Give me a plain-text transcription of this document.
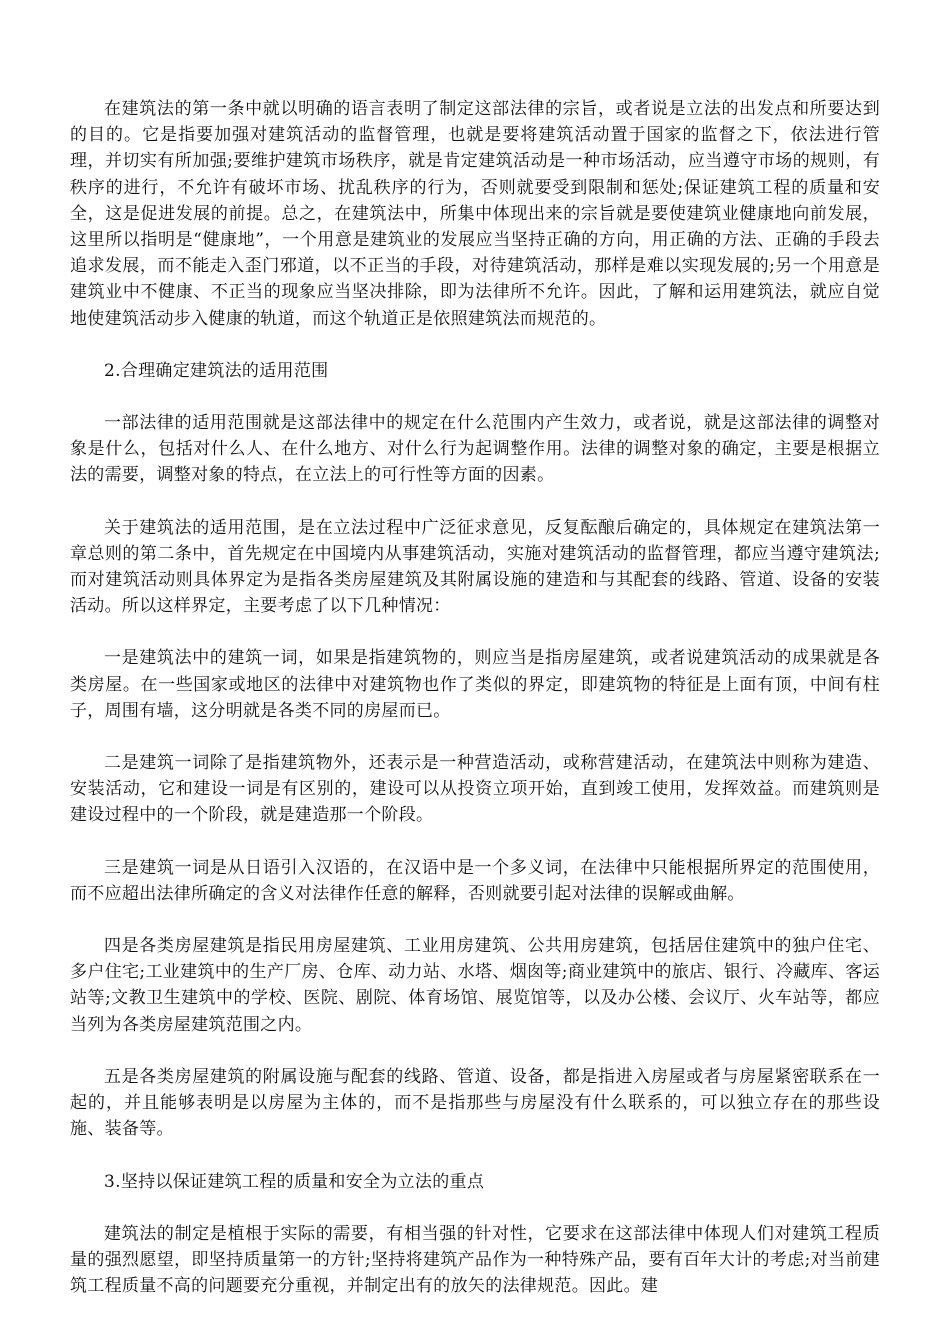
在建筑法的第一条中就以明确的语言表明了制定这部法律的宗旨，或者说是立法的出发点和所要达到的目的。它是指要加强对建筑活动的监督管理，也就是要将建筑活动置于国家的监督之下，依法进行管理，并切实有所加强;要维护建筑市场秩序，就是肯定建筑活动是一种市场活动，应当遵守市场的规则，有秩序的进行，不允许有破坏市场、扰乱秩序的行为，否则就要受到限制和惩处;保证建筑工程的质量和安全，这是促进发展的前提。总之，在建筑法中，所集中体现出来的宗旨就是要使建筑业健康地向前发展，这里所以指明是“健康地”，一个用意是建筑业的发展应当坚持正确的方向，用正确的方法、正确的手段去追求发展，而不能走入歪门邪道，以不正当的手段，对待建筑活动，那样是难以实现发展的;另一个用意是建筑业中不健康、不正当的现象应当坚决排除，即为法律所不允许。因此，了解和运用建筑法，就应自觉地使建筑活动步入健康的轨道，而这个轨道正是依照建筑法而规范的。

2.合理确定建筑法的适用范围

一部法律的适用范围就是这部法律中的规定在什么范围内产生效力，或者说，就是这部法律的调整对象是什么，包括对什么人、在什么地方、对什么行为起调整作用。法律的调整对象的确定，主要是根据立法的需要，调整对象的特点，在立法上的可行性等方面的因素。

关于建筑法的适用范围，是在立法过程中广泛征求意见，反复酝酿后确定的，具体规定在建筑法第一章总则的第二条中，首先规定在中国境内从事建筑活动，实施对建筑活动的监督管理，都应当遵守建筑法;而对建筑活动则具体界定为是指各类房屋建筑及其附属设施的建造和与其配套的线路、管道、设备的安装活动。所以这样界定，主要考虑了以下几种情况：

一是建筑法中的建筑一词，如果是指建筑物的，则应当是指房屋建筑，或者说建筑活动的成果就是各类房屋。在一些国家或地区的法律中对建筑物也作了类似的界定，即建筑物的特征是上面有顶，中间有柱子，周围有墙，这分明就是各类不同的房屋而已。

二是建筑一词除了是指建筑物外，还表示是一种营造活动，或称营建活动，在建筑法中则称为建造、安装活动，它和建设一词是有区别的，建设可以从投资立项开始，直到竣工使用，发挥效益。而建筑则是建设过程中的一个阶段，就是建造那一个阶段。

三是建筑一词是从日语引入汉语的，在汉语中是一个多义词，在法律中只能根据所界定的范围使用，而不应超出法律所确定的含义对法律作任意的解释，否则就要引起对法律的误解或曲解。

四是各类房屋建筑是指民用房屋建筑、工业用房建筑、公共用房建筑，包括居住建筑中的独户住宅、多户住宅;工业建筑中的生产厂房、仓库、动力站、水塔、烟囱等;商业建筑中的旅店、银行、冷藏库、客运站等;文教卫生建筑中的学校、医院、剧院、体育场馆、展览馆等，以及办公楼、会议厅、火车站等，都应当列为各类房屋建筑范围之内。

五是各类房屋建筑的附属设施与配套的线路、管道、设备，都是指进入房屋或者与房屋紧密联系在一起的，并且能够表明是以房屋为主体的，而不是指那些与房屋没有什么联系的，可以独立存在的那些设施、装备等。

3.坚持以保证建筑工程的质量和安全为立法的重点

建筑法的制定是植根于实际的需要，有相当强的针对性，它要求在这部法律中体现人们对建筑工程质量的强烈愿望，即坚持质量第一的方针;坚持将建筑产品作为一种特殊产品，要有百年大计的考虑;对当前建筑工程质量不高的问题要充分重视，并制定出有的放矢的法律规范。因此。建
